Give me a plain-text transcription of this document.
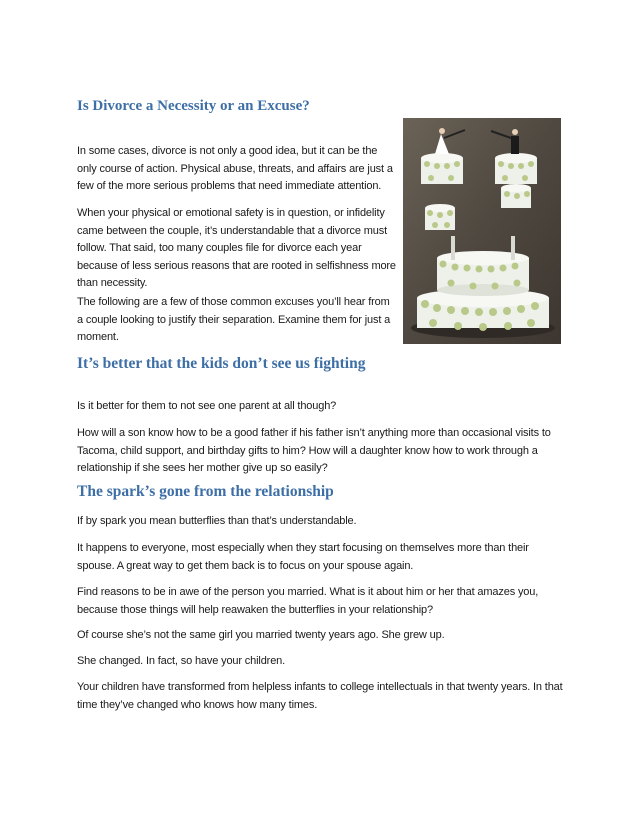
Is Divorce a Necessity or an Excuse?

In some cases, divorce is not only a good idea, but it can be the only course of action. Physical abuse, threats, and affairs are just a few of the more serious problems that need immediate attention.

When your physical or emotional safety is in question, or infidelity came between the couple, it’s understandable that a divorce must follow. That said, too many couples file for divorce each year because of less serious reasons that are rooted in selfishness more than necessity.

The following are a few of those common excuses you’ll hear from a couple looking to justify their separation. Examine them for just a moment.

It’s better that the kids don’t see us fighting

Is it better for them to not see one parent at all though?

How will a son know how to be a good father if his father isn’t anything more than occasional visits to Tacoma, child support, and birthday gifts to him? How will a daughter know how to work through a relationship if she sees her mother give up so easily?

The spark’s gone from the relationship

If by spark you mean butterflies than that’s understandable.

It happens to everyone, most especially when they start focusing on themselves more than their spouse. A great way to get them back is to focus on your spouse again.

Find reasons to be in awe of the person you married. What is it about him or her that amazes you, because those things will help reawaken the butterflies in your relationship?

Of course she’s not the same girl you married twenty years ago. She grew up.

She changed. In fact, so have your children.

Your children have transformed from helpless infants to college intellectuals in that twenty years. In that time they’ve changed who knows how many times.
